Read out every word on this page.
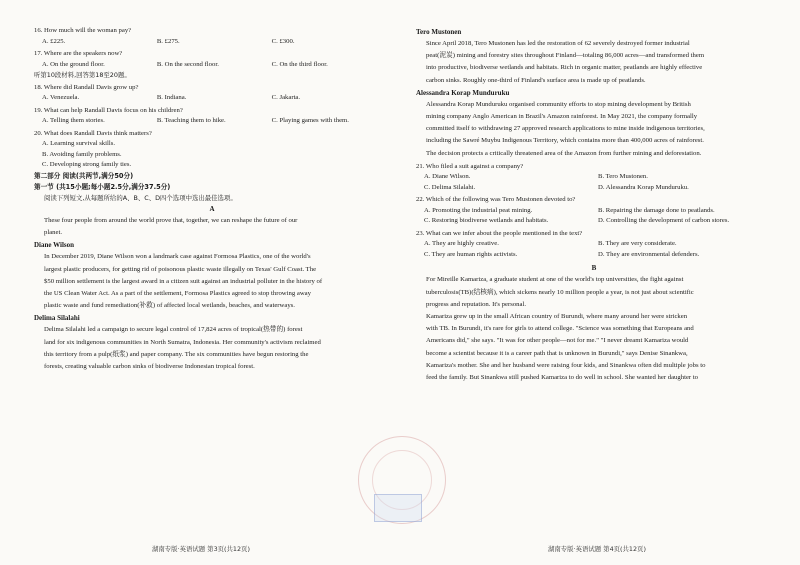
16. How much will the woman pay?
A. £225.	B. £275.	C. £300.
17. Where are the speakers now?
A. On the ground floor.	B. On the second floor.	C. On the third floor.
听第10段材料,回答第18至20题。
18. Where did Randall Davis grow up?
A. Venezuela.	B. Indiana.	C. Jakarta.
19. What can help Randall Davis focus on his children?
A. Telling them stories.	B. Teaching them to hike.	C. Playing games with them.
20. What does Randall Davis think matters?
A. Learning survival skills.
B. Avoiding family problems.
C. Developing strong family ties.
第二部分 阅读(共两节,满分50分)
第一节 (共15小题;每小题2.5分,满分37.5分)
阅读下列短文,从每题所给的A、B、C、D四个选项中选出最佳选项。
A

These four people from around the world prove that, together, we can reshape the future of our
planet.

Diane Wilson

In December 2019, Diane Wilson won a landmark case against Formosa Plastics, one of the world's
largest plastic producers, for getting rid of poisonous plastic waste illegally on Texas' Gulf Coast. The
$50 million settlement is the largest award in a citizen suit against an industrial polluter in the history of
the US Clean Water Act. As a part of the settlement, Formosa Plastics agreed to stop throwing away
plastic waste and fund remediation(补救) of affected local wetlands, beaches, and waterways.

Delima Silalahi

Delima Silalahi led a campaign to secure legal control of 17,824 acres of tropical(热带的) forest
land for six indigenous communities in North Sumatra, Indonesia. Her community's activism reclaimed
this territory from a pulp(纸浆) and paper company. The six communities have begun restoring the
forests, creating valuable carbon sinks of biodiverse Indonesian tropical forest.

Tero Mustonen

Since April 2018, Tero Mustonen has led the restoration of 62 severely destroyed former industrial
peat(泥炭) mining and forestry sites throughout Finland—totaling 86,000 acres—and transformed them
into productive, biodiverse wetlands and habitats. Rich in organic matter, peatlands are highly effective
carbon sinks. Roughly one-third of Finland's surface area is made up of peatlands.

Alessandra Korap Munduruku

Alessandra Korap Munduruku organised community efforts to stop mining development by British
mining company Anglo American in Brazil's Amazon rainforest. In May 2021, the company formally
committed itself to withdrawing 27 approved research applications to mine inside indigenous territories,
including the Sawré Muybu Indigenous Territory, which contains more than 400,000 acres of rainforest.
The decision protects a critically threatened area of the Amazon from further mining and deforestation.

21. Who filed a suit against a company?
A. Diane Wilson.	B. Tero Mustonen.
C. Delima Silalahi.	D. Alessandra Korap Munduruku.
22. Which of the following was Tero Mustonen devoted to?
A. Promoting the industrial peat mining.	B. Repairing the damage done to peatlands.
C. Restoring biodiverse wetlands and habitats.	D. Controlling the development of carbon stores.
23. What can we infer about the people mentioned in the text?
A. They are highly creative.	B. They are very considerate.
C. They are human rights activists.	D. They are environmental defenders.
B

For Mireille Kamariza, a graduate student at one of the world's top universities, the fight against
tuberculosis(TB)(结核病), which sickens nearly 10 million people a year, is not just about scientific
progress and reputation. It's personal.

Kamariza grew up in the small African country of Burundi, where many around her were stricken
with TB. In Burundi, it's rare for girls to attend college. "Science was something that Europeans and
Americans did," she says. "It was for other people—not for me." "I never dreamt Kamariza would
become a scientist because it is a career path that is unknown in Burundi," says Denise Sinankwa,
Kamariza's mother. She and her husband were raising four kids, and Sinankwa often did multiple jobs to
feed the family. But Sinankwa still pushed Kamariza to do well in school. She wanted her daughter to

湖南专版·英语试题 第3页(共12页)	湖南专版·英语试题 第4页(共12页)
